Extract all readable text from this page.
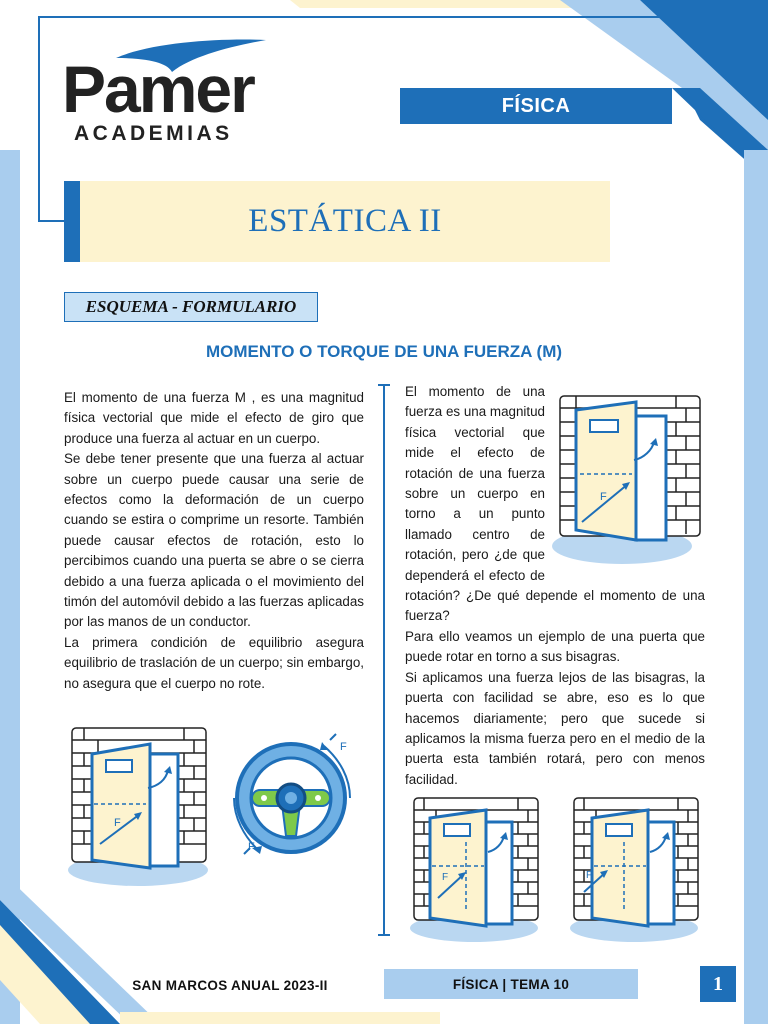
Pamer
ACADEMIAS
FÍSICA
ESTÁTICA II
ESQUEMA - FORMULARIO
MOMENTO O TORQUE DE UNA FUERZA (M)

El momento de una fuerza M , es una magnitud física vectorial que mide el efecto de giro que produce una fuerza al actuar en un cuerpo.

Se debe tener presente que una fuerza al actuar sobre un cuerpo puede causar una serie de efectos como la deformación de un cuerpo cuando se estira o comprime un resorte. También puede causar efectos de rotación, esto lo percibimos cuando una puerta se abre o se cierra debido a una fuerza aplicada o el movimiento del timón del automóvil debido a las fuerzas aplicadas por las manos de un conductor.

La primera condición de equilibrio asegura equilibrio de traslación de un cuerpo; sin embargo, no asegura que el cuerpo no rote.

El momento de una fuerza es una magnitud física vectorial que mide el efecto de rotación de una fuerza sobre un cuerpo en torno a un punto llamado centro de rotación, pero ¿de que dependerá el efecto de rotación? ¿De qué depende el momento de una fuerza?

Para ello veamos un ejemplo de una puerta que puede rotar en torno a sus bisagras.

Si aplicamos una fuerza lejos de las bisagras, la puerta con facilidad se abre, eso es lo que hacemos diariamente; pero que sucede si aplicamos la misma fuerza pero en el medio de la puerta esta también rotará, pero con menos facilidad.

F
F
F
F
F	F
SAN MARCOS ANUAL 2023-II	FÍSICA | TEMA 10	1
